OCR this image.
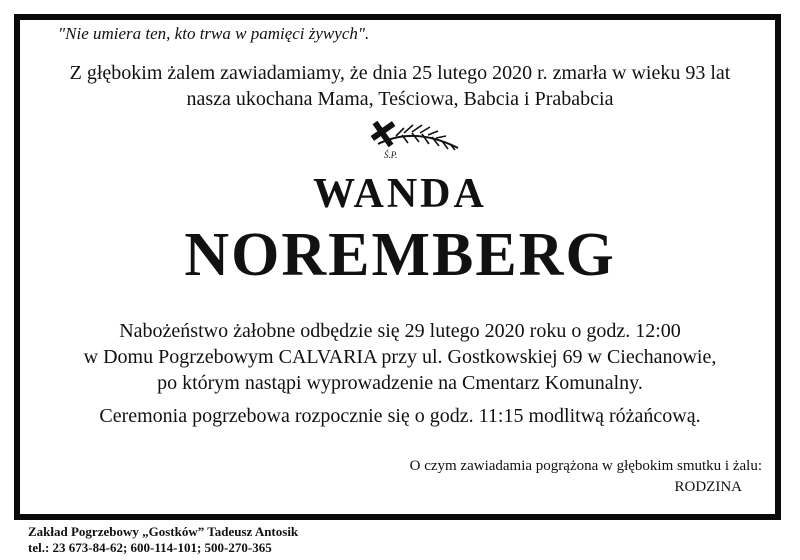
"Nie umiera ten, kto trwa w pamięci żywych".
Z głębokim żalem zawiadamiamy, że dnia 25 lutego 2020 r. zmarła w wieku 93 lat
nasza ukochana Mama, Teściowa, Babcia i Prababcia
Ś.P.
WANDA
NOREMBERG
Nabożeństwo żałobne odbędzie się 29 lutego 2020 roku o godz. 12:00
w Domu Pogrzebowym CALVARIA przy ul. Gostkowskiej 69 w Ciechanowie,
po którym nastąpi wyprowadzenie na Cmentarz Komunalny.
Ceremonia pogrzebowa rozpocznie się o godz. 11:15 modlitwą różańcową.
O czym zawiadamia pogrążona w głębokim smutku i żalu:
RODZINA
Zakład Pogrzebowy „Gostków” Tadeusz Antosik
tel.: 23 673-84-62; 600-114-101; 500-270-365
